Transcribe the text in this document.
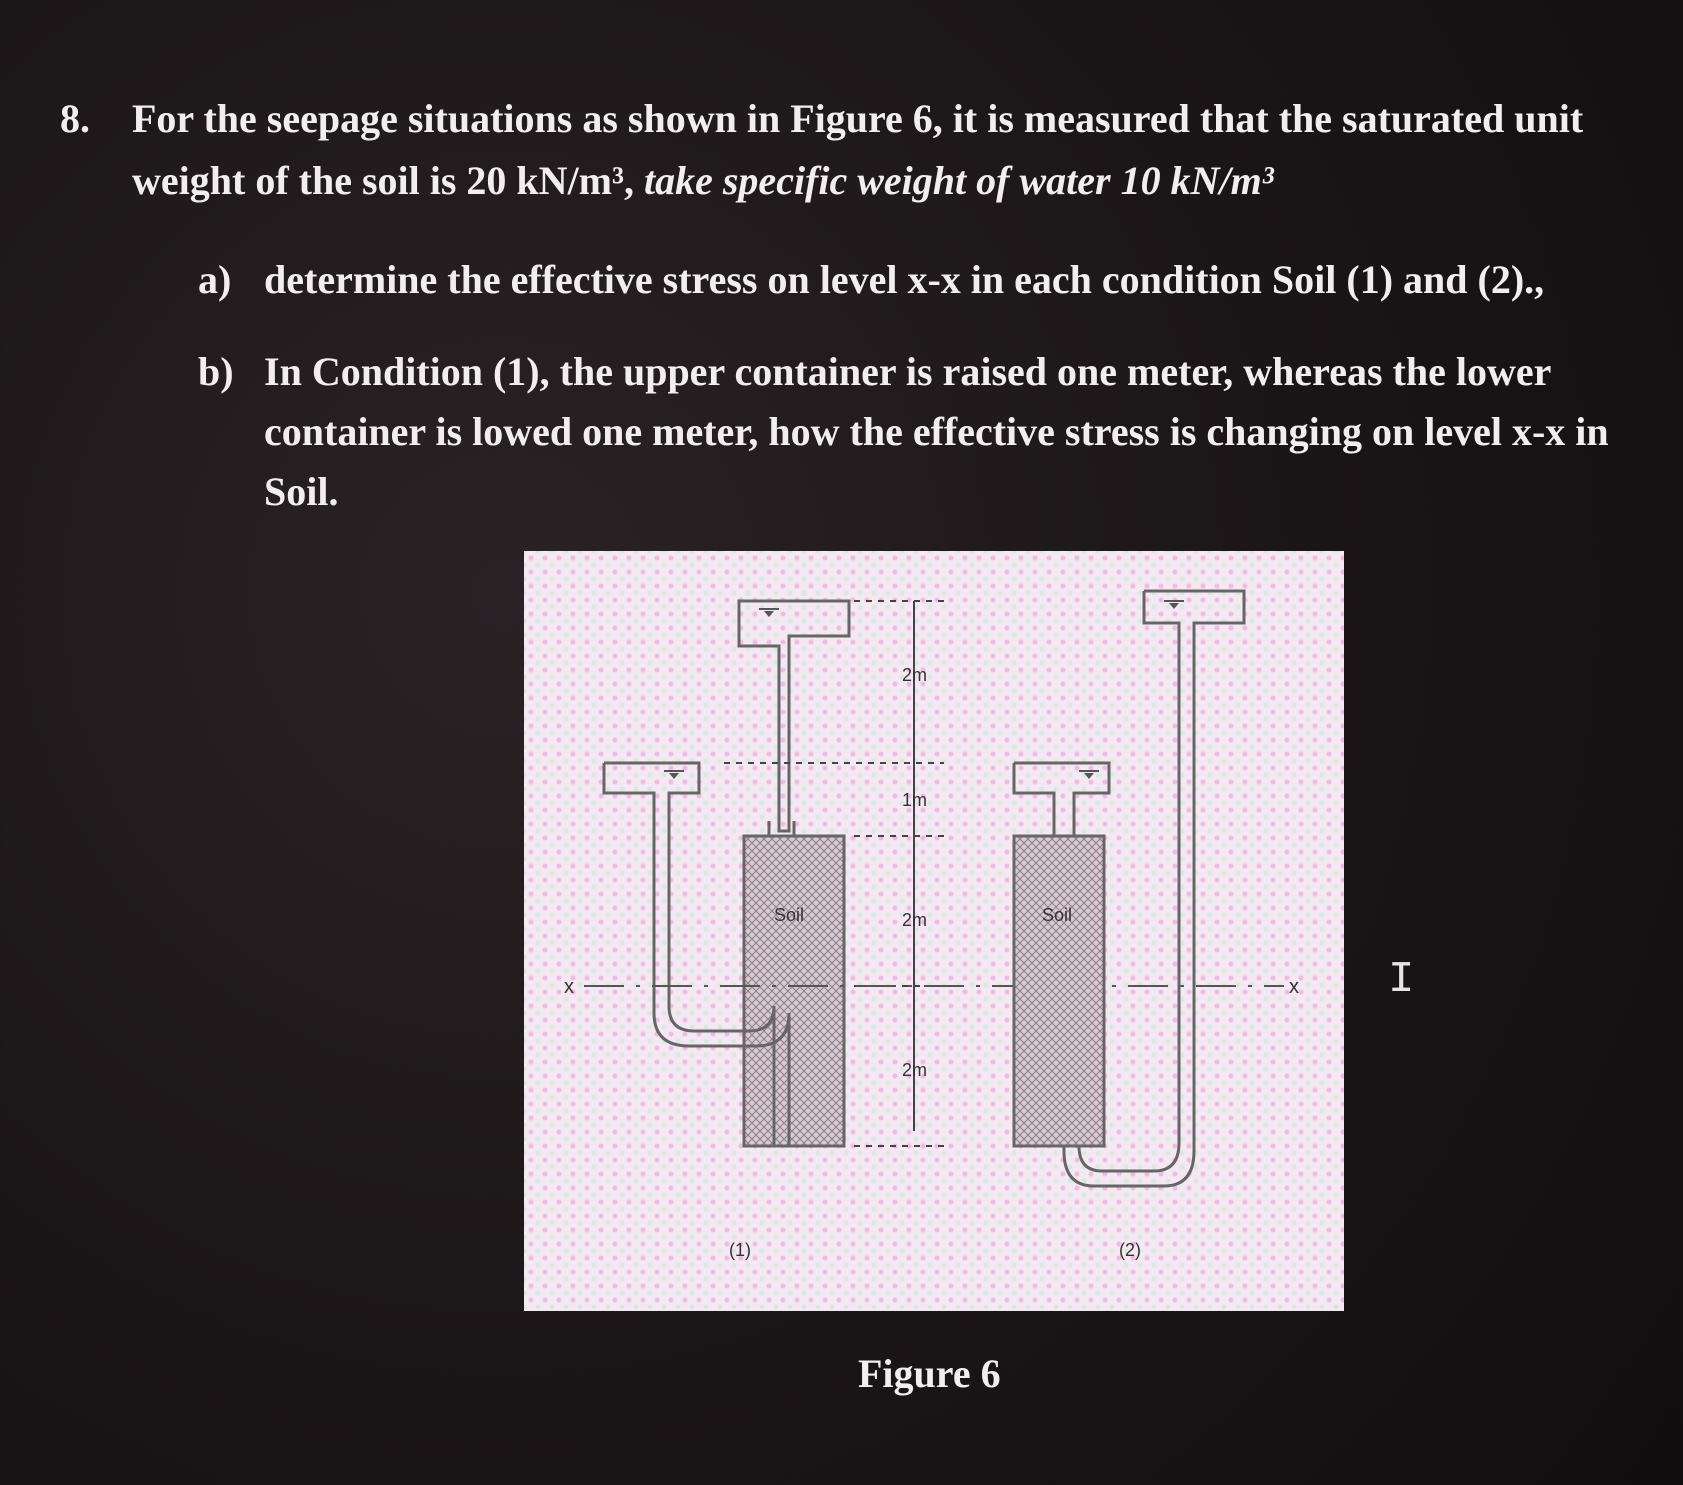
8. For the seepage situations as shown in Figure 6, it is measured that the saturated unit weight of the soil is 20 kN/m³, take specific weight of water 10 kN/m³
a) determine the effective stress on level x-x in each condition Soil (1) and (2).,
b) In Condition (1), the upper container is raised one meter, whereas the lower container is lowed one meter, how the effective stress is changing on level x-x in Soil.
Soil
2m
1m
2m
2m
x	x
Soil
(1)	(2)
Figure 6
I
